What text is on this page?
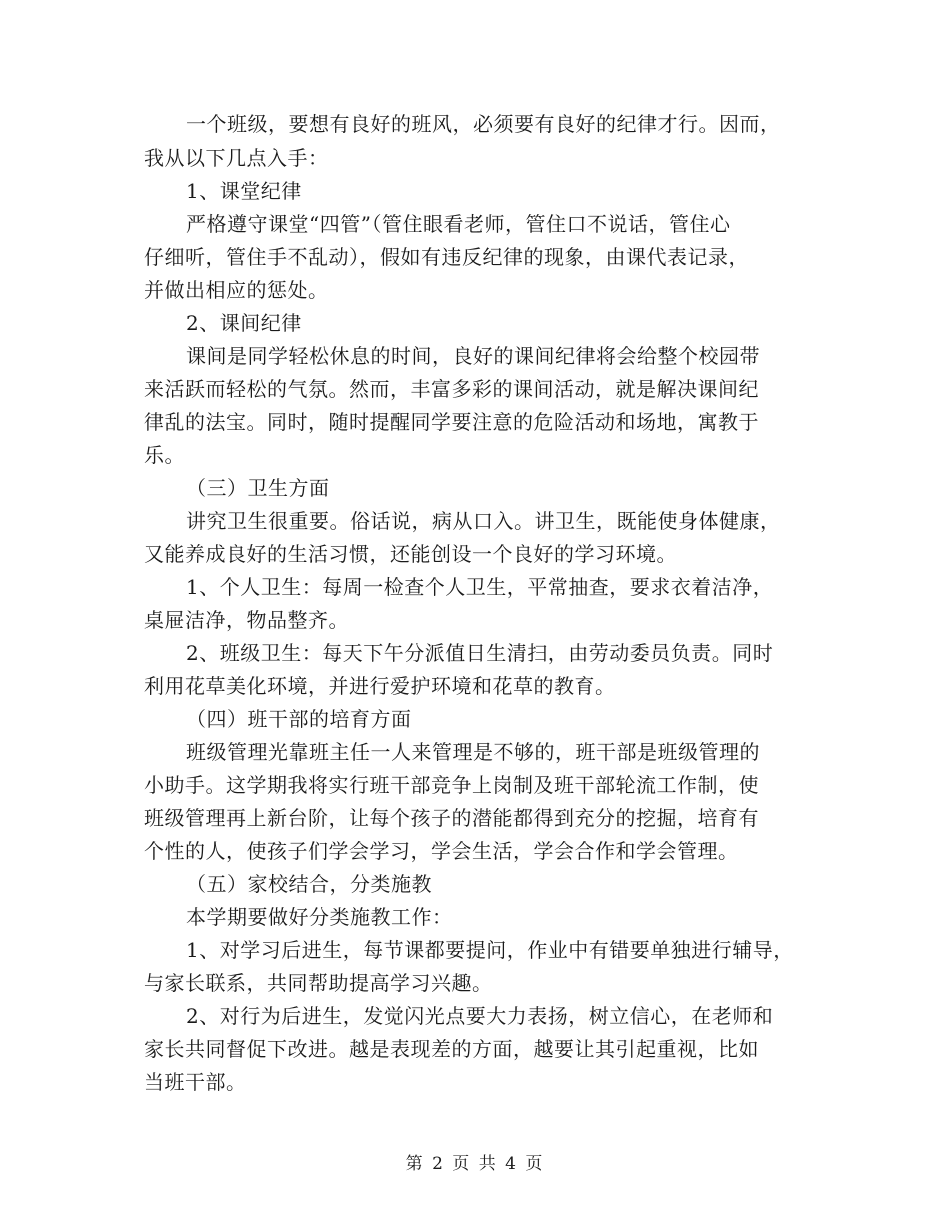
一个班级，要想有良好的班风，必须要有良好的纪律才行。因而，
我从以下几点入手：
1、课堂纪律
严格遵守课堂“四管”（管住眼看老师，管住口不说话，管住心
仔细听，管住手不乱动），假如有违反纪律的现象，由课代表记录，
并做出相应的惩处。
2、课间纪律
课间是同学轻松休息的时间，良好的课间纪律将会给整个校园带
来活跃而轻松的气氛。然而，丰富多彩的课间活动，就是解决课间纪
律乱的法宝。同时，随时提醒同学要注意的危险活动和场地，寓教于
乐。
（三）卫生方面
讲究卫生很重要。俗话说，病从口入。讲卫生，既能使身体健康，
又能养成良好的生活习惯，还能创设一个良好的学习环境。
1、个人卫生：每周一检查个人卫生，平常抽查，要求衣着洁净，
桌屉洁净，物品整齐。
2、班级卫生：每天下午分派值日生清扫，由劳动委员负责。同时
利用花草美化环境，并进行爱护环境和花草的教育。
（四）班干部的培育方面
班级管理光靠班主任一人来管理是不够的，班干部是班级管理的
小助手。这学期我将实行班干部竞争上岗制及班干部轮流工作制，使
班级管理再上新台阶，让每个孩子的潜能都得到充分的挖掘，培育有
个性的人，使孩子们学会学习，学会生活，学会合作和学会管理。
（五）家校结合，分类施教
本学期要做好分类施教工作：
1、对学习后进生，每节课都要提问，作业中有错要单独进行辅导，
与家长联系，共同帮助提高学习兴趣。
2、对行为后进生，发觉闪光点要大力表扬，树立信心，在老师和
家长共同督促下改进。越是表现差的方面，越要让其引起重视，比如
当班干部。
第 2 页 共 4 页
